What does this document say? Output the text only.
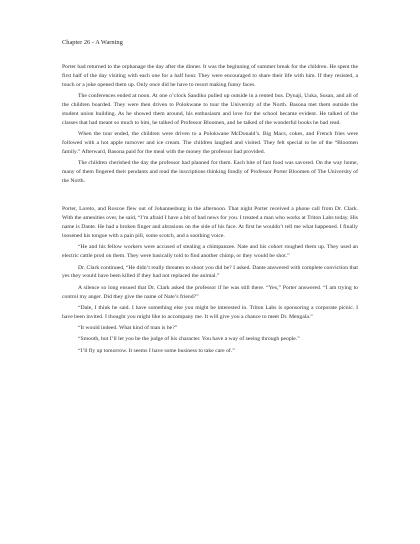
Chapter 26 - A Warning

Porter had returned to the orphanage the day after the dinner. It was the beginning of summer break for the children. He spent the first half of the day visiting with each one for a half hour. They were encouraged to share their life with him. If they resisted, a touch or a joke opened them up. Only once did he have to resort making funny faces.

The conferences ended at noon. At one o’clock Sandiko pulled up outside in a rented bus. Dynaji, Uuka, Susan, and all of the children boarded. They were then driven to Polokwane to tour the University of the North. Basona met them outside the student union building. As he showed them around, his enthusiasm and love for the school became evident. He talked of the classes that had meant so much to him, he talked of Professor Bloomen, and he talked of the wonderful books he had read.

When the tour ended, the children were driven to a Polokwane McDonald’s. Big Macs, cokes, and French fries were followed with a hot apple turnover and ice cream. The children laughed and visited. They felt special to be of the “Bloomen family.” Afterward, Basona paid for the meal with the money the professor had provided.

The children cherished the day the professor had planned for them. Each bite of fast food was savored. On the way home, many of them fingered their pendants and read the inscriptions thinking fondly of Professor Porter Bloomen of The University of the North.

Porter, Loreto, and Roscoe flew out of Johannesburg in the afternoon. That night Porter received a phone call from Dr. Clark. With the amenities over, he said, “I’m afraid I have a bit of bad news for you. I treated a man who works at Triton Labs today. His name is Dante. He had a broken finger and abrasions on the side of his face. At first he wouldn’t tell me what happened. I finally loosened his tongue with a pain pill, some scotch, and a soothing voice.

“He and his fellow workers were accused of stealing a chimpanzee. Nate and his cohort roughed them up. They used an electric cattle prod on them. They were basically told to find another chimp, or they would be shot.”

Dr. Clark continued, “He didn’t really threaten to shoot you did he? I asked. Dante answered with complete conviction that yes they would have been killed if they had not replaced the animal.”

A silence so long ensued that Dr. Clark asked the professor if he was still there. “Yes,” Porter answered. “I am trying to control my anger. Did they give the name of Nate’s friend?”

“Dale, I think he said. I have something else you might be interested in. Triton Labs is sponsoring a corporate picnic. I have been invited. I thought you might like to accompany me. It will give you a chance to meet Dr. Mengala.”

“It would indeed. What kind of man is he?”

“Smooth, but I’ll let you be the judge of his character. You have a way of seeing through people.”

“I’ll fly up tomorrow. It seems I have some business to take care of.”
